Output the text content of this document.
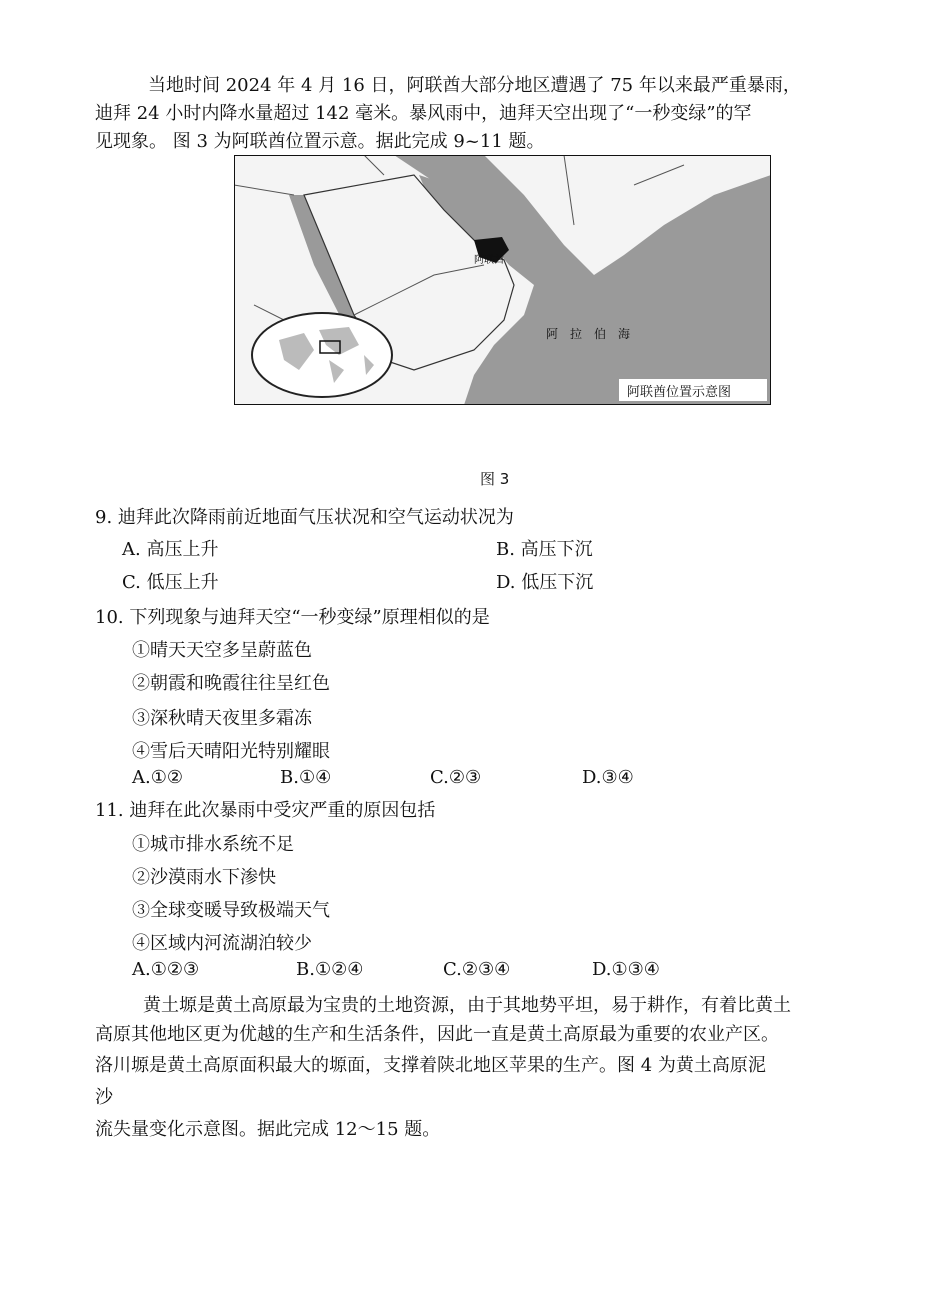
当地时间 2024 年 4 月 16 日，阿联酋大部分地区遭遇了 75 年以来最严重暴雨，
迪拜 24 小时内降水量超过 142 毫米。暴风雨中，迪拜天空出现了“一秒变绿”的罕
见现象。 图 3 为阿联酋位置示意。据此完成 9~11 题。
阿联酋
阿　拉　伯　海
阿联酋位置示意图
图 3
9. 迪拜此次降雨前近地面气压状况和空气运动状况为
A. 高压上升	B. 高压下沉
C. 低压上升	D. 低压下沉
10. 下列现象与迪拜天空“一秒变绿”原理相似的是
①晴天天空多呈蔚蓝色
②朝霞和晚霞往往呈红色
③深秋晴天夜里多霜冻
④雪后天晴阳光特别耀眼
A.①②	B.①④	C.②③	D.③④
11. 迪拜在此次暴雨中受灾严重的原因包括
①城市排水系统不足
②沙漠雨水下渗快
③全球变暖导致极端天气
④区域内河流湖泊较少
A.①②③	B.①②④	C.②③④	D.①③④
黄土塬是黄土高原最为宝贵的土地资源，由于其地势平坦，易于耕作，有着比黄土
高原其他地区更为优越的生产和生活条件，因此一直是黄土高原最为重要的农业产区。
洛川塬是黄土高原面积最大的塬面，支撑着陕北地区苹果的生产。图 4 为黄土高原泥
沙
流失量变化示意图。据此完成 12～15 题。
